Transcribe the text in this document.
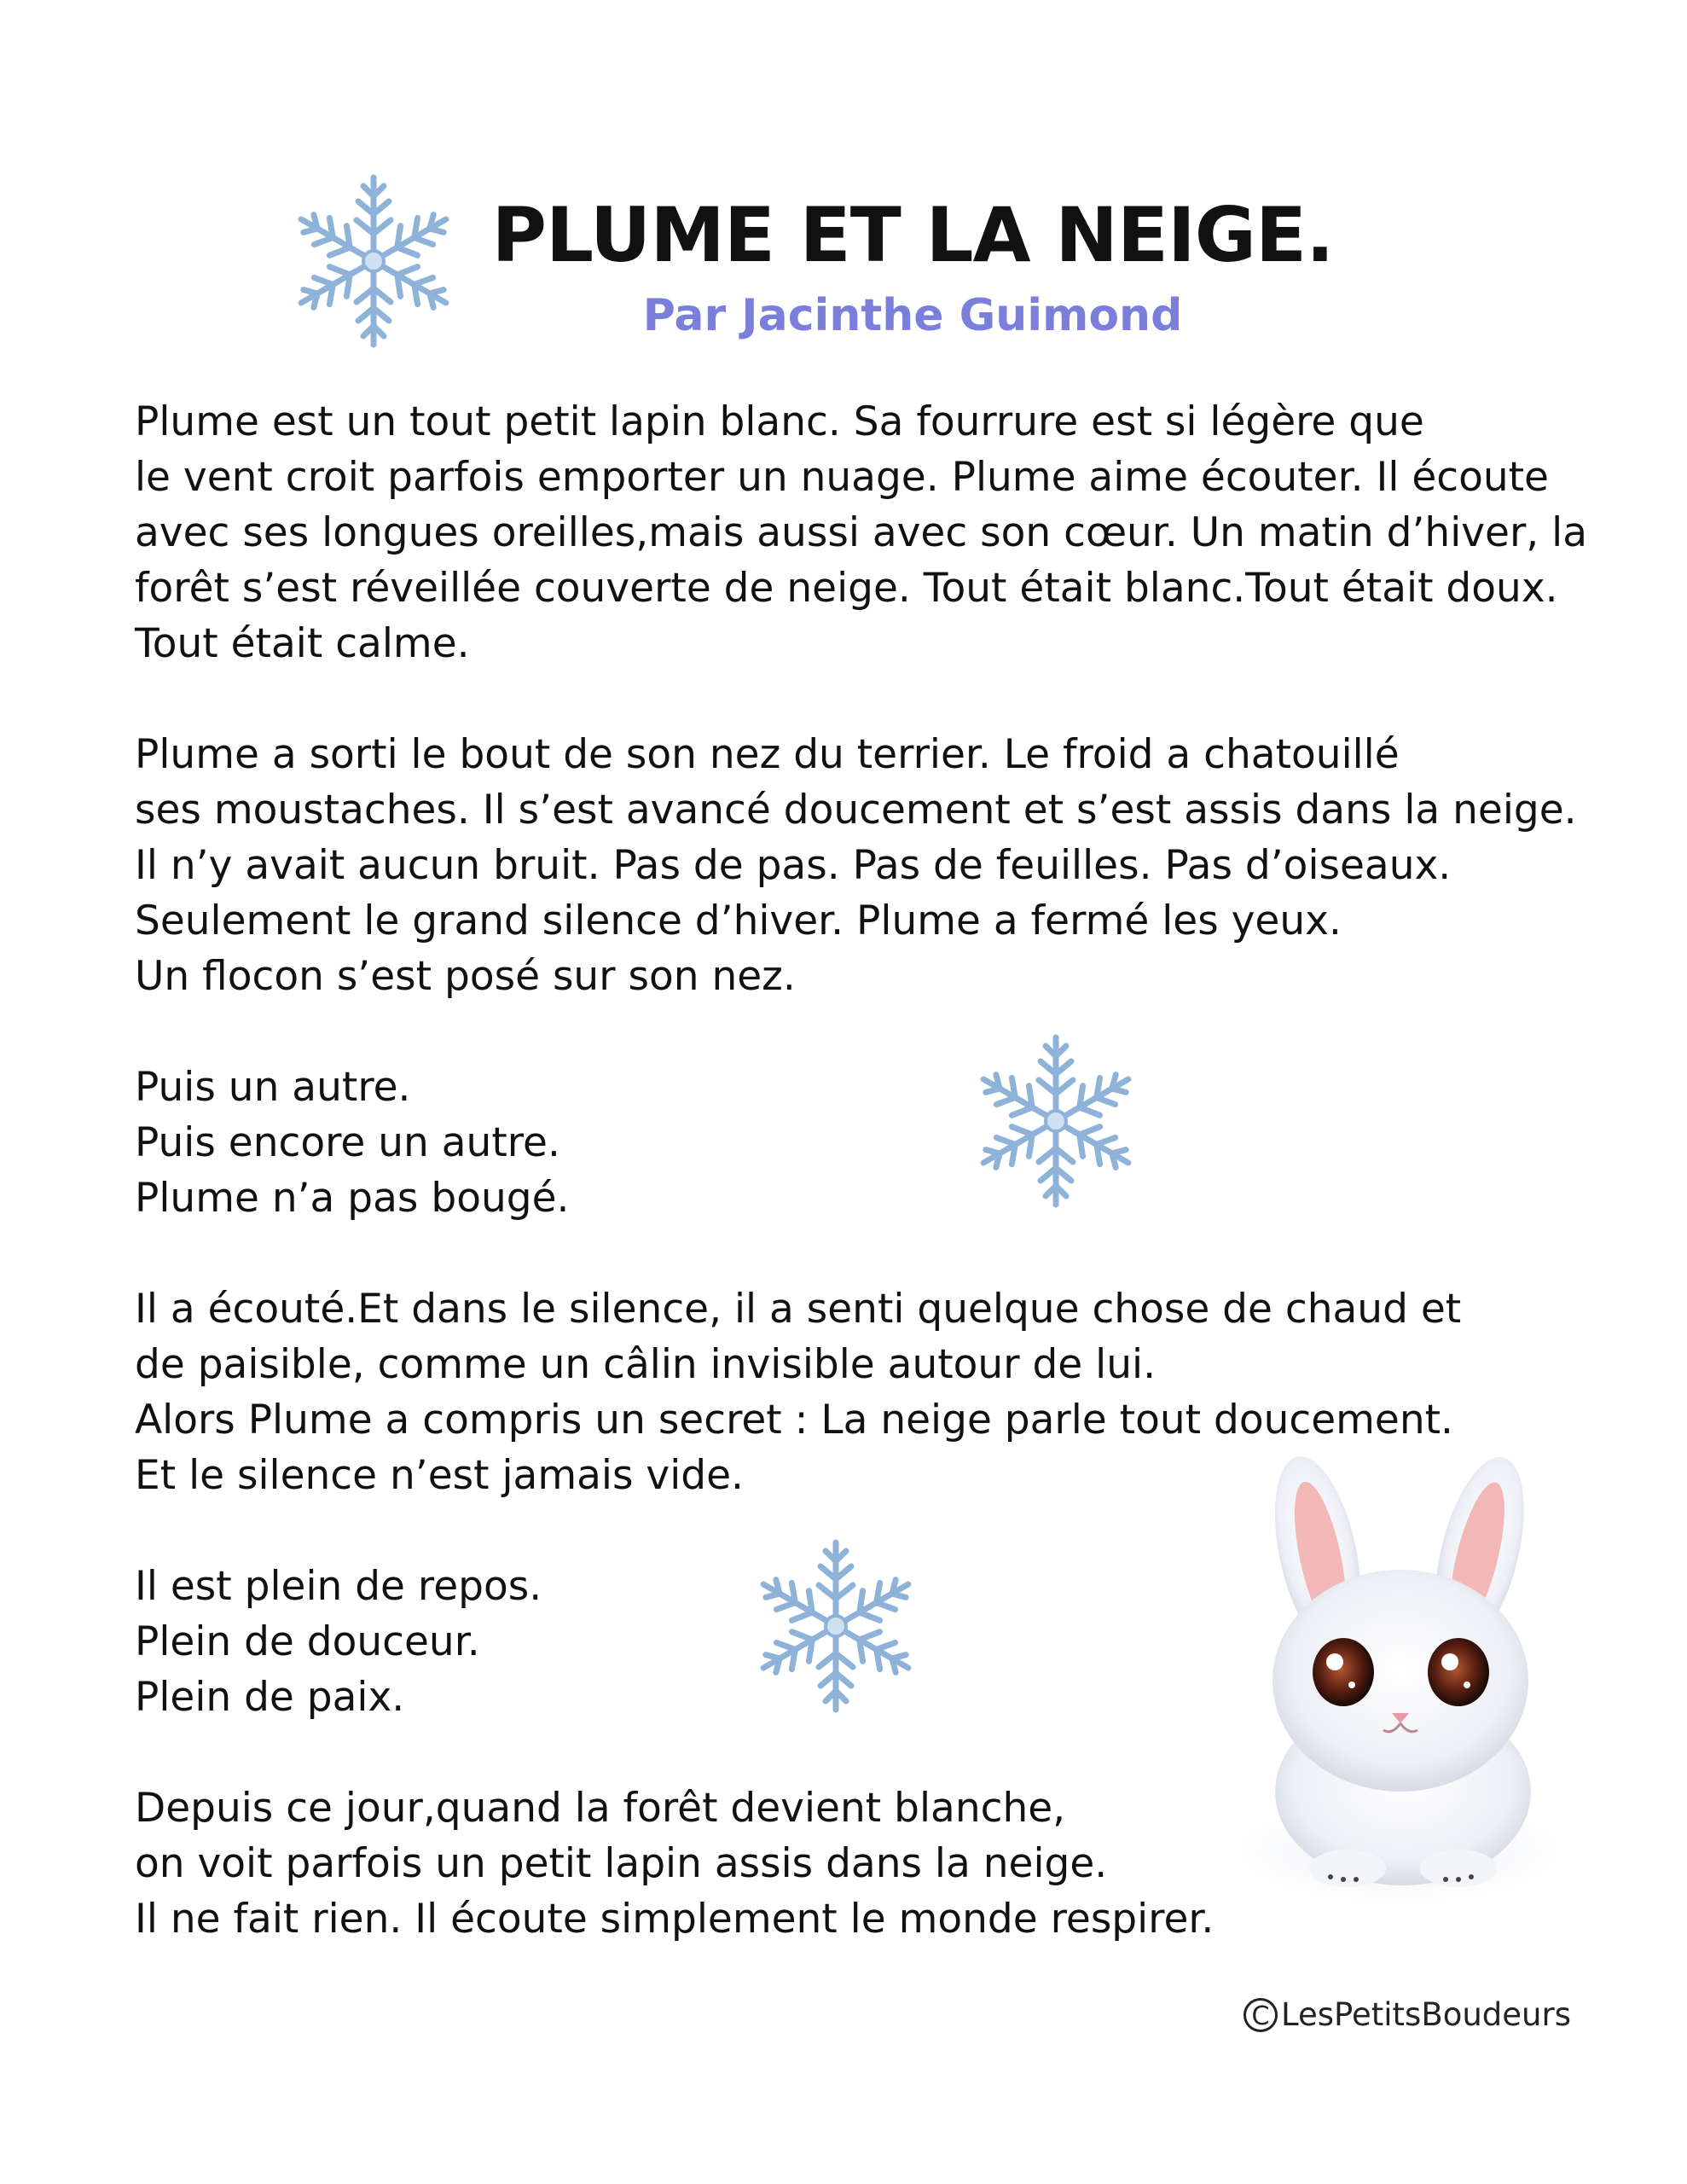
PLUME ET LA NEIGE.
Par Jacinthe Guimond

Plume est un tout petit lapin blanc. Sa fourrure est si légère que
le vent croit parfois emporter un nuage. Plume aime écouter. Il écoute
avec ses longues oreilles,mais aussi avec son cœur. Un matin d’hiver, la
forêt s’est réveillée couverte de neige. Tout était blanc.Tout était doux.
Tout était calme.

Plume a sorti le bout de son nez du terrier. Le froid a chatouillé
ses moustaches. Il s’est avancé doucement et s’est assis dans la neige.
Il n’y avait aucun bruit. Pas de pas. Pas de feuilles. Pas d’oiseaux.
Seulement le grand silence d’hiver. Plume a fermé les yeux.
Un flocon s’est posé sur son nez.

Puis un autre.
Puis encore un autre.
Plume n’a pas bougé.

Il a écouté.Et dans le silence, il a senti quelque chose de chaud et
de paisible, comme un câlin invisible autour de lui.
Alors Plume a compris un secret : La neige parle tout doucement.
Et le silence n’est jamais vide.

Il est plein de repos.
Plein de douceur.
Plein de paix.

Depuis ce jour,quand la forêt devient blanche,
on voit parfois un petit lapin assis dans la neige.
Il ne fait rien. Il écoute simplement le monde respirer.

C LesPetitsBoudeurs
